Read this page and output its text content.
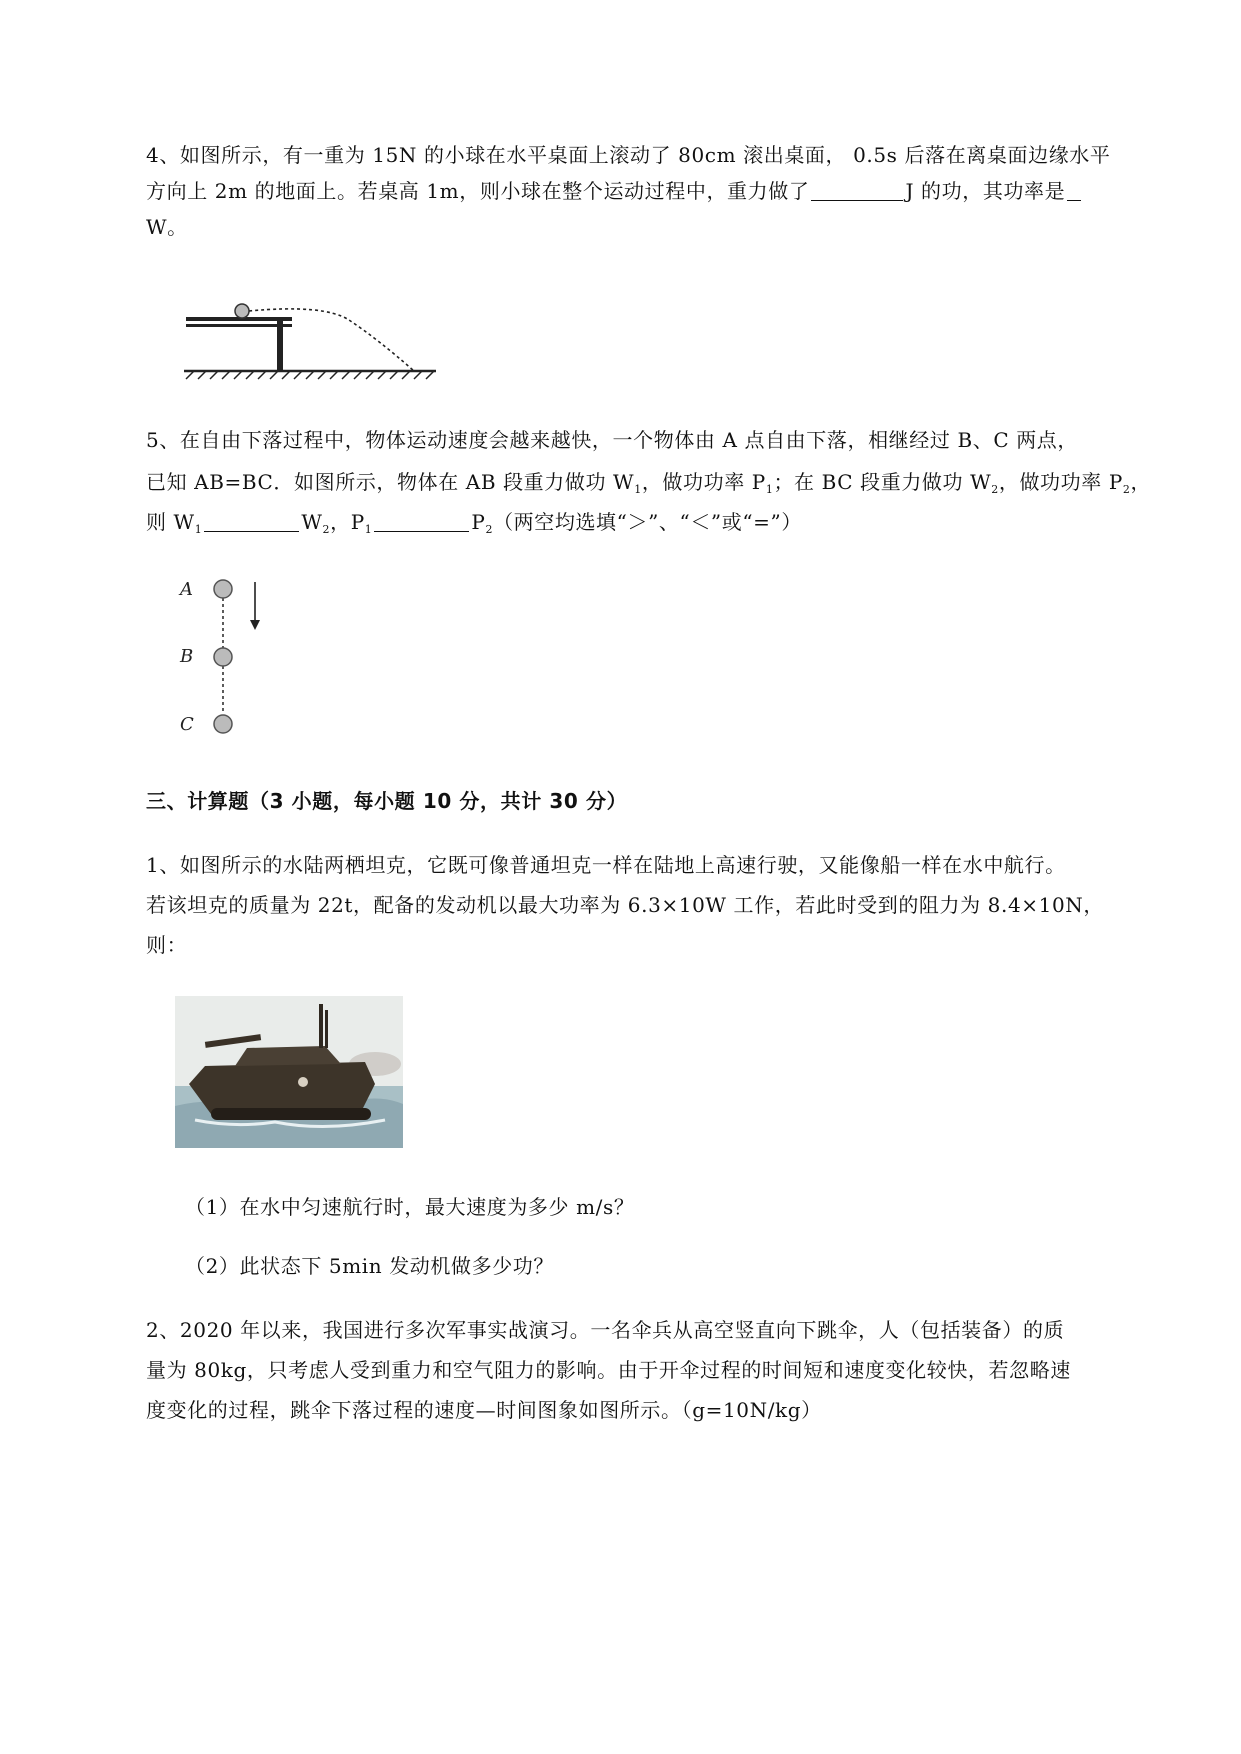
4、如图所示，有一重为 15N 的小球在水平桌面上滚动了 80cm 滚出桌面， 0.5s 后落在离桌面边缘水平
方向上 2m 的地面上。若桌高 1m，则小球在整个运动过程中，重力做了	J 的功，其功率是
W。
5、在自由下落过程中，物体运动速度会越来越快，一个物体由 A 点自由下落，相继经过 B、C 两点，
已知 AB=BC．如图所示，物体在 AB 段重力做功 $W_1$，做功功率 $P_1$；在 BC 段重力做功 $W_2$，做功功率 $P_2$，
则 $W_1$	$W_2$，$P_1$	$P_2$（两空均选填“＞”、“＜”或“=”）
A
B
C
三、计算题（3 小题，每小题 10 分，共计 30 分）
1、如图所示的水陆两栖坦克，它既可像普通坦克一样在陆地上高速行驶，又能像船一样在水中航行。
若该坦克的质量为 22t，配备的发动机以最大功率为 6.3×10W 工作，若此时受到的阻力为 8.4×10N，
则：
（1）在水中匀速航行时，最大速度为多少 m/s？
（2）此状态下 5min 发动机做多少功？
2、2020 年以来，我国进行多次军事实战演习。一名伞兵从高空竖直向下跳伞，人（包括装备）的质
量为 80kg，只考虑人受到重力和空气阻力的影响。由于开伞过程的时间短和速度变化较快，若忽略速
度变化的过程，跳伞下落过程的速度—时间图象如图所示。（g=10N/kg）
